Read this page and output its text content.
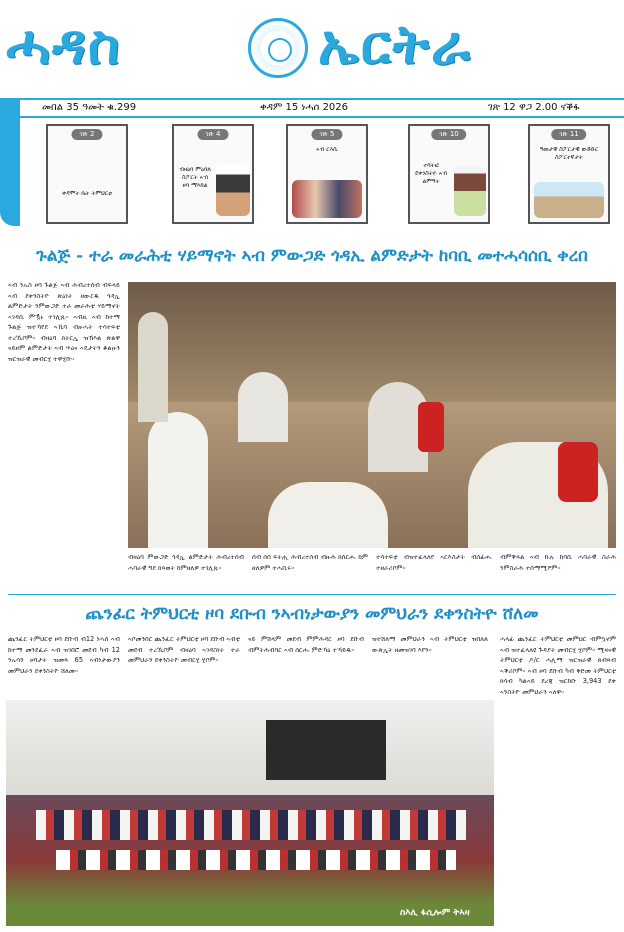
ሓዳስ	ኤርትራ
መበል 35 ዓመት ቁ.299	ቀዳም 15 ነሓሰ 2026	ገጽ 12 ዋጋ 2.00 ናቕፋ
ገጽ 2
ቀዳሞት ቤት ትምህርቲ
ገጽ 4
ብዛዕባ ምዕባለ ስፖርት ኣብ ዞባ ማእከል
ገጽ 5
ኣብ ርእሲ
ገጽ 10
ተሳትፎ ደቀንስትዮ ኣብ ልምዓት
ገጽ 11
ዓመታዊ ስፖርታዊ ውድድር ስፖርተኛታት
ጉልጅ - ተራ መራሕቲ ሃይማኖት ኣብ ምውጋድ ጎዳኢ ልምድታት ከባቢ መተሓሳሰቢ ቀረበ
ኣብ ንኡስ ዞባ ጉልጅ ኣብ ሕብረተሰብ ብፍላይ ኣብ ደቀንስትዮ ጽዕነት ዘውርዱ ጎዳኢ ልምድታት ንምውጋድ ተራ መራሕቲ ሃይማኖት ኣገዳሲ ምዃኑ ተገሊጹ። ኣብዚ ኣብ ከተማ ጉልጅ ዝተኻየደ ኣኼባ ብዙሓት ተሳተፍቲ ተረኺቦም። ብዛዕባ ክትርኢ ዝኽእል ጽልዋ ናይዞም ልምድታት ኣብ ጥዕና ኣዴታትን ቆልዑን ዝርዝራዊ መብርሂ ተዋሂቡ።
ብዛዕባ ምውጋድ ጎዳኢ ልምድታት ሕብረተሰብ ሓባራዊ ግደ ክጻወት ከምዘለዎ ተገሊጹ።
ሰብ ሰበ ፍትሒ ሕብረተሰብ ብዙሕ ክሰርሑ ከም ዘለዎም ተሓቢሩ።
ተሳተፍቲ ብዝተፈላለየ ኣርእስታት ብሰፊሑ ተዘራሪቦም።
ብምቕጻል ኣብ ኩሉ ከባቢ ሓባራዊ ስራሕ ንምስራሕ ተሰማሚዖም።
ጨንፈር ትምህርቲ ዞባ ደቡብ ንኣብነታውያን መምህራን ደቀንስትዮ ሸለመ
ጨንፈር ትምህርቲ ዞባ ደቡብ ብ12 ነሓሰ ኣብ ከተማ መንደፈራ ኣብ ዝገበሮ መደብ ካብ 12 ንኡሳን ዞባታት ዝመጻ 65 ኣብነታውያን መምህራን ደቀንስትዮ ሸለመ።
ኣቦመንበር ጨንፈር ትምህርቲ ዞባ ደቡብ ኣብቲ መደብ ተረኺቦም ብዛዕባ ኣገዳስነት ተራ መምህራን ደቀንስትዮ መብርሂ ሂቦም።
ናይ ምሸላም መደብ ምምሕዳር ዞባ ደቡብ ብምትሕብባር ኣብ ሰርሑ ምድኻዕ ተኻይዱ።
ዝተሸለማ መምህራን ኣብ ትምህርቲ ዝበለጸ ውጽኢት ዘመዝገባ እየን።
ሓላፊ ጨንፈር ትምህርቲ መምህር ብምኳኖም ኣብ ዝተፈላለዩ ጉዳያት መብርሂ ሂቦም። ሚዛናዊ ትምህርቲ ዶ/ር ሓሊማ ዝርዝራዊ ጸብጻብ ኣቕሪቦም። ኣብ ዞባ ደቡብ ካብ ቅድመ ትምህርቲ ክሳብ ካልኣይ ደረጃ ዝርከቡ 3,943 ደቀ ኣንስትዮ መምህራን ኣለዋ።
ስእሊ ፋሲሎም ትኣዛ
